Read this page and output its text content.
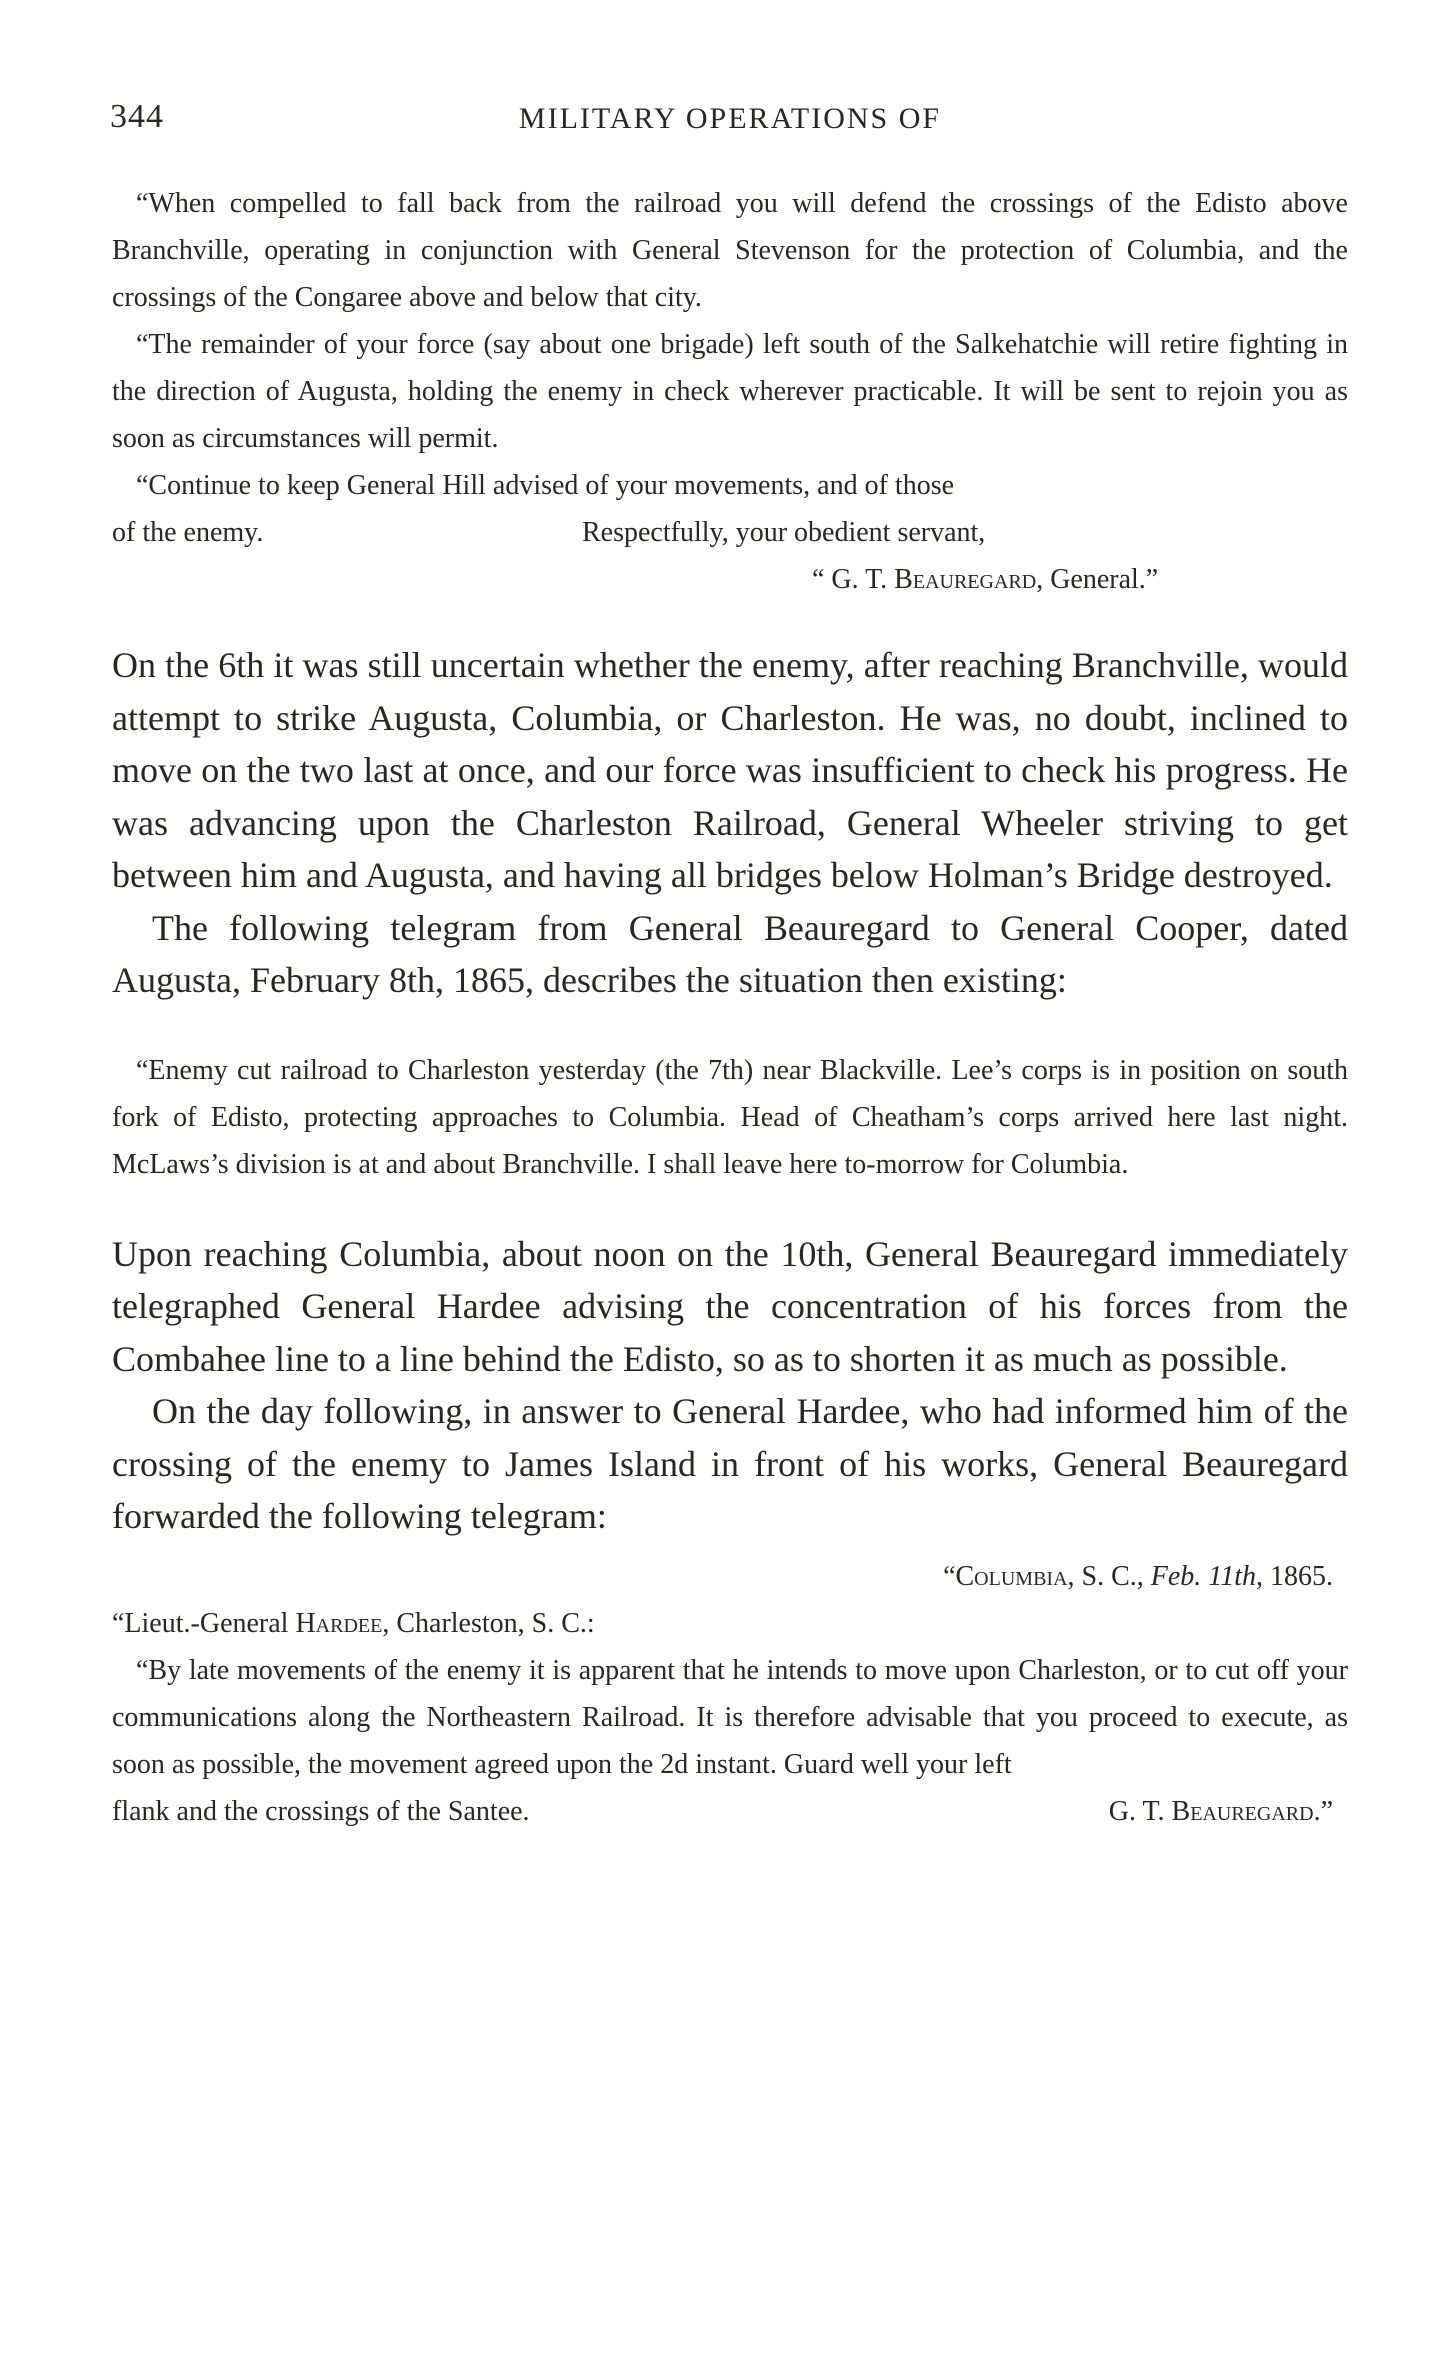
344	MILITARY OPERATIONS OF

“When compelled to fall back from the railroad you will defend the crossings of the Edisto above Branchville, operating in conjunction with General Stevenson for the protection of Columbia, and the crossings of the Congaree above and below that city.

“The remainder of your force (say about one brigade) left south of the Salkehatchie will retire fighting in the direction of Augusta, holding the enemy in check wherever practicable. It will be sent to rejoin you as soon as circumstances will permit.

“Continue to keep General Hill advised of your movements, and of those

of the enemy.	Respectfully, your obedient servant,

“ G. T. Beauregard, General.”

On the 6th it was still uncertain whether the enemy, after reaching Branchville, would attempt to strike Augusta, Columbia, or Charleston. He was, no doubt, inclined to move on the two last at once, and our force was insufficient to check his progress. He was advancing upon the Charleston Railroad, General Wheeler striving to get between him and Augusta, and having all bridges below Holman’s Bridge destroyed.

The following telegram from General Beauregard to General Cooper, dated Augusta, February 8th, 1865, describes the situation then existing:

“Enemy cut railroad to Charleston yesterday (the 7th) near Blackville. Lee’s corps is in position on south fork of Edisto, protecting approaches to Columbia. Head of Cheatham’s corps arrived here last night. McLaws’s division is at and about Branchville. I shall leave here to-morrow for Columbia.

Upon reaching Columbia, about noon on the 10th, General Beauregard immediately telegraphed General Hardee advising the concentration of his forces from the Combahee line to a line behind the Edisto, so as to shorten it as much as possible.

On the day following, in answer to General Hardee, who had informed him of the crossing of the enemy to James Island in front of his works, General Beauregard forwarded the following telegram:

“Columbia, S. C., Feb. 11th, 1865.

“Lieut.-General Hardee, Charleston, S. C.:

“By late movements of the enemy it is apparent that he intends to move upon Charleston, or to cut off your communications along the Northeastern Railroad. It is therefore advisable that you proceed to execute, as soon as possible, the movement agreed upon the 2d instant. Guard well your left

flank and the crossings of the Santee.	G. T. Beauregard.”
